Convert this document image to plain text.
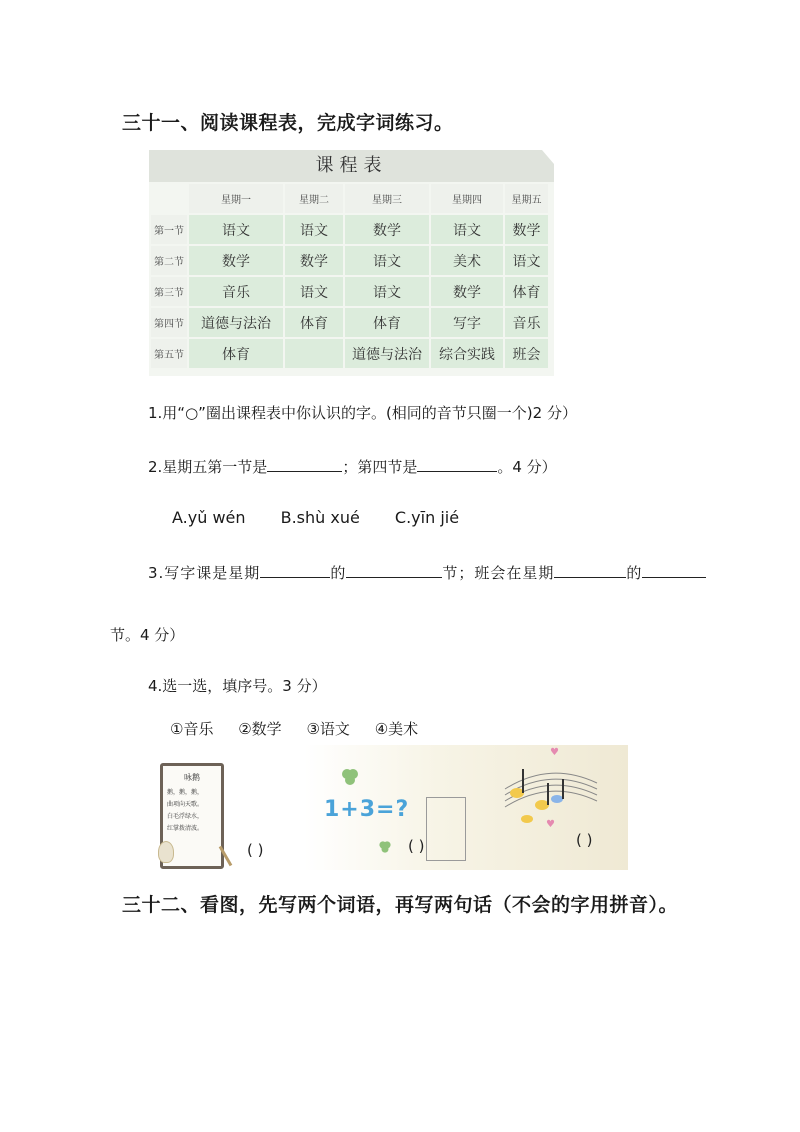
三十一、阅读课程表，完成字词练习。
课程表
	星期一	星期二	星期三	星期四	星期五
第一节	语文	语文	数学	语文	数学
第二节	数学	数学	语文	美术	语文
第三节	音乐	语文	语文	数学	体育
第四节	道德与法治	体育	体育	写字	音乐
第五节	体育		道德与法治	综合实践	班会
1.用“○”圈出课程表中你认识的字。(相同的音节只圈一个)2 分）
2.星期五第一节是	；第四节是	。4 分）
A.yǔ wén B.shù xué C.yīn jié
3.写字课是星期	的	节；班会在星期	的
节。4 分）
4.选一选，填序号。3 分）
①音乐 ②数学 ③语文 ④美术
咏鹅
鹅，鹅，鹅，
曲项向天歌。
白毛浮绿水，
红掌拨清波。
( )
1+3=?
( )
♥
♥
( )
三十二、看图，先写两个词语，再写两句话（不会的字用拼音）。
